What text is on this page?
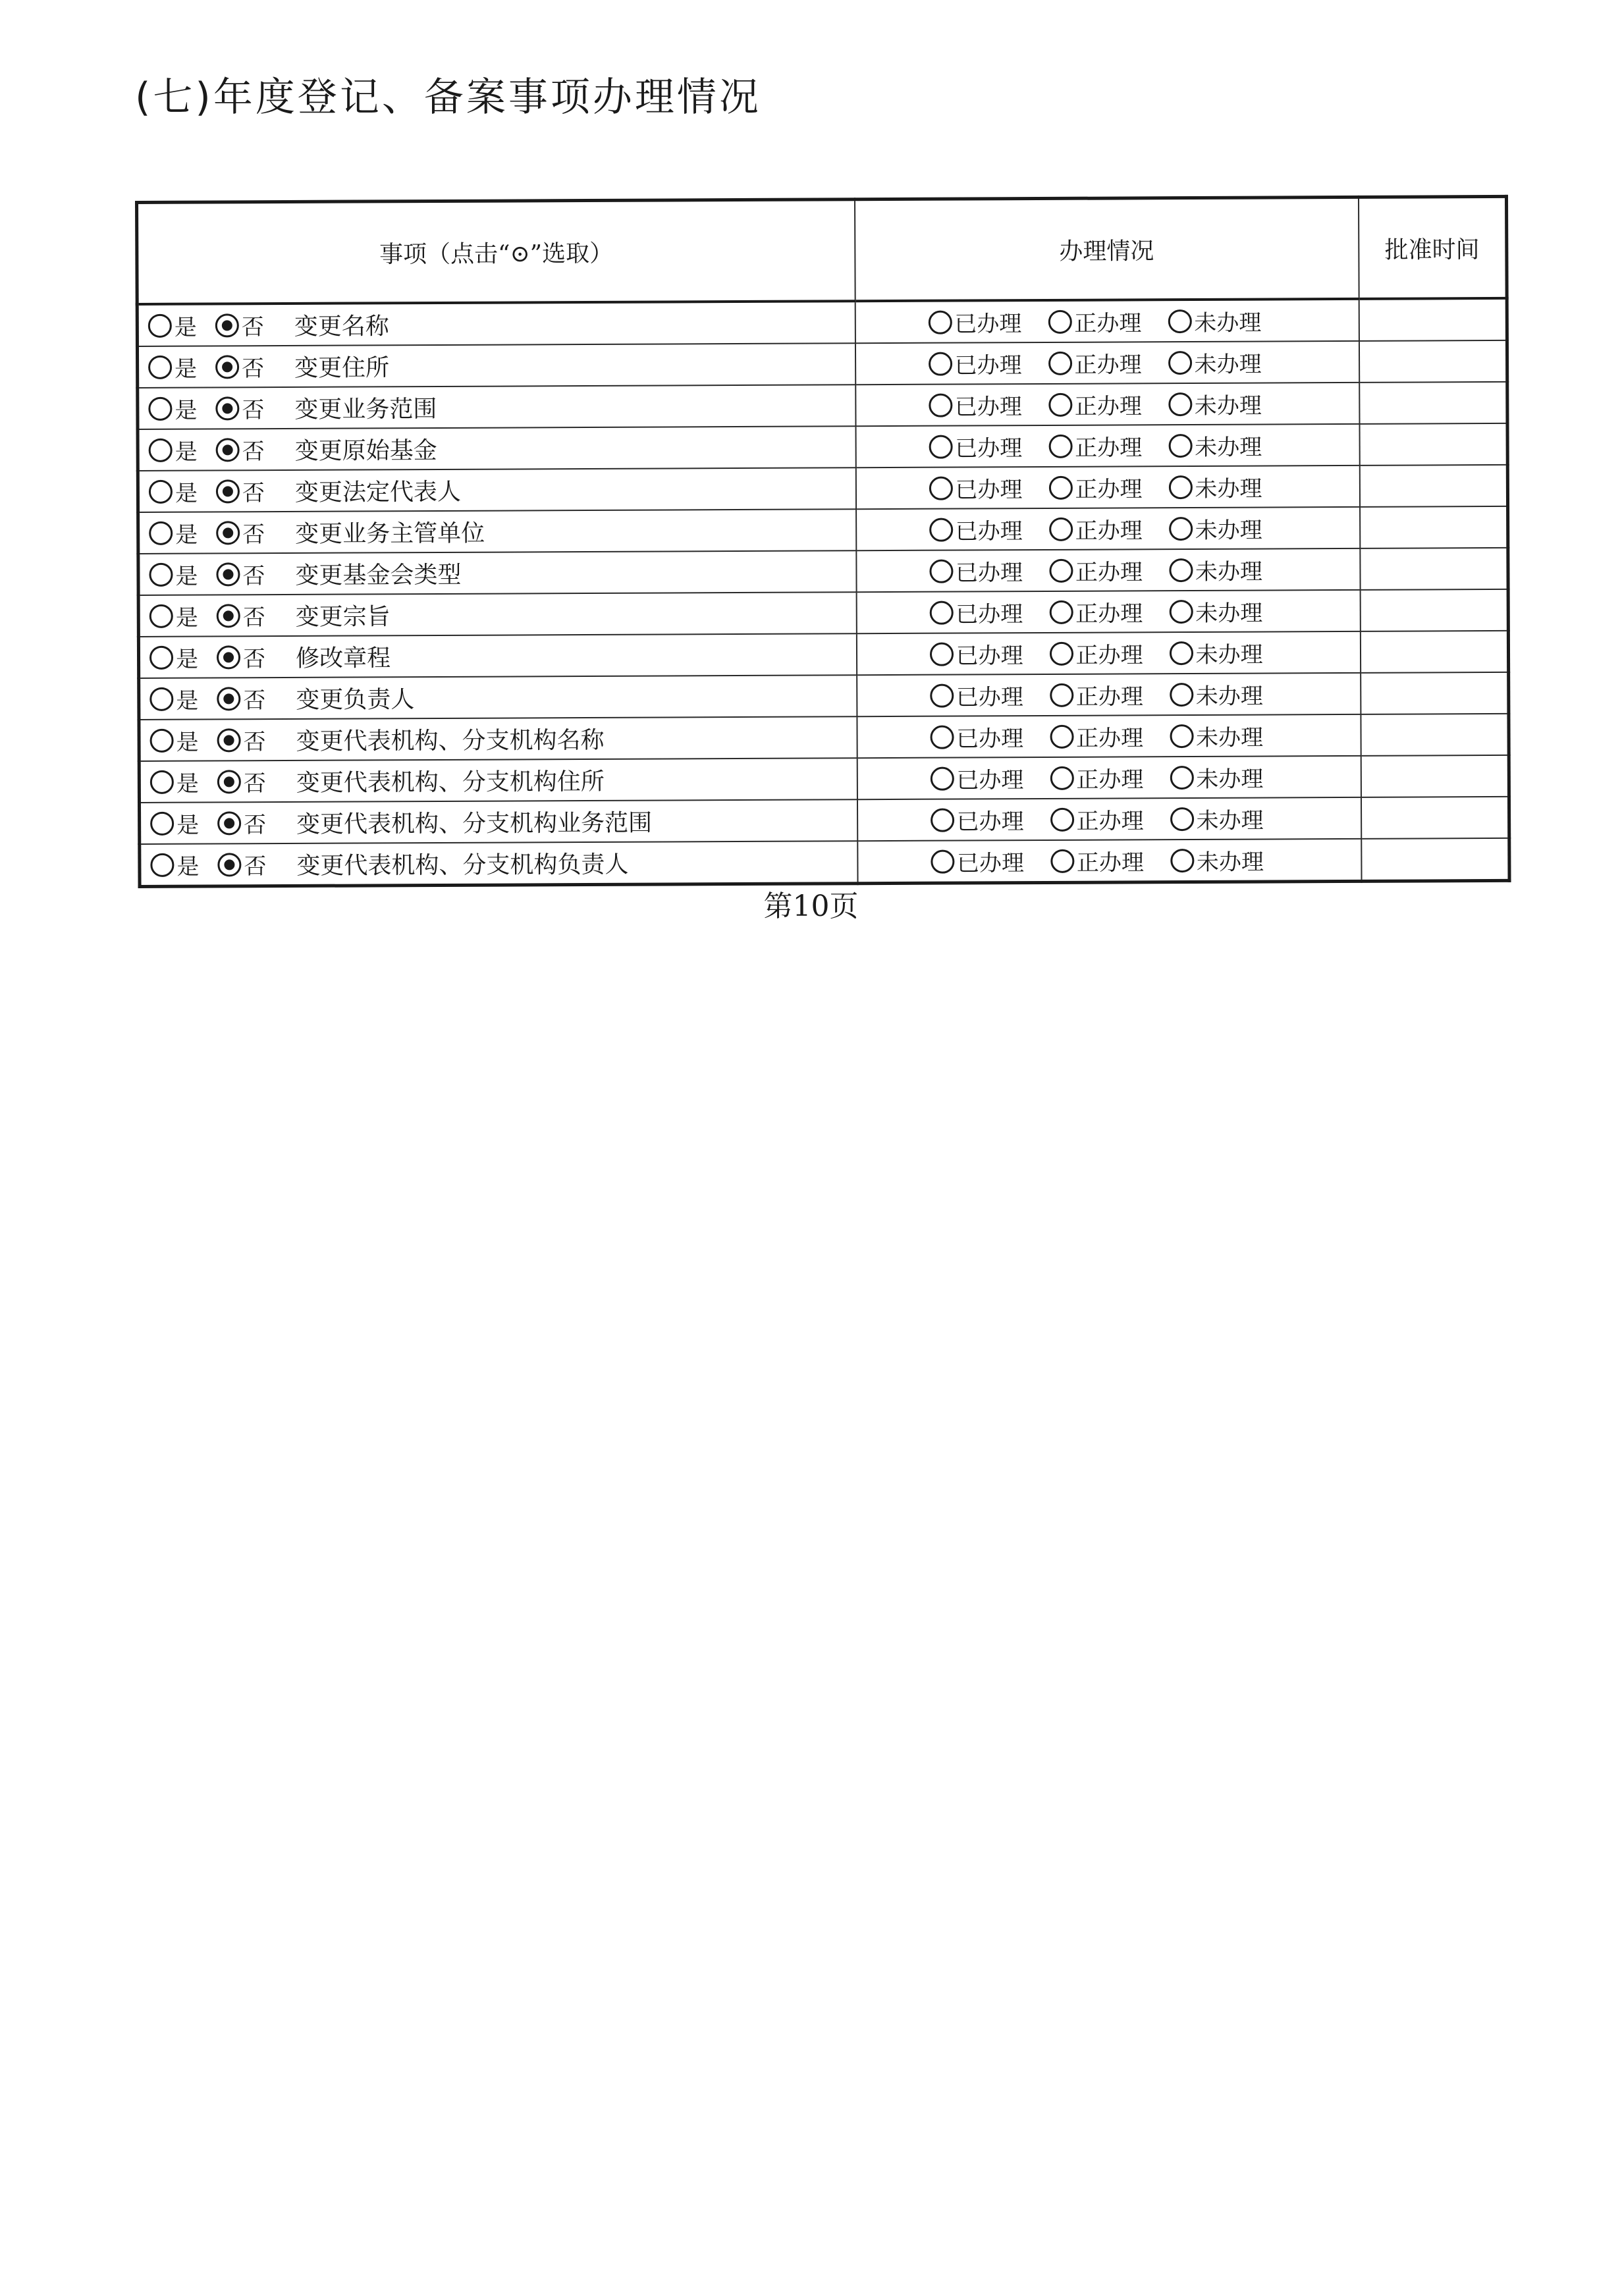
(七)年度登记、备案事项办理情况
事项（点击“⊙”选取）	办理情况	批准时间

是 否 变更名称	已办理 正办理 未办理	

是 否 变更住所	已办理 正办理 未办理	

是 否 变更业务范围	已办理 正办理 未办理	

是 否 变更原始基金	已办理 正办理 未办理	

是 否 变更法定代表人	已办理 正办理 未办理	

是 否 变更业务主管单位	已办理 正办理 未办理	

是 否 变更基金会类型	已办理 正办理 未办理	

是 否 变更宗旨	已办理 正办理 未办理	

是 否 修改章程	已办理 正办理 未办理	

是 否 变更负责人	已办理 正办理 未办理	

是 否 变更代表机构、分支机构名称	已办理 正办理 未办理	

是 否 变更代表机构、分支机构住所	已办理 正办理 未办理	

是 否 变更代表机构、分支机构业务范围	已办理 正办理 未办理	

是 否 变更代表机构、分支机构负责人	已办理 正办理 未办理	

第10页
